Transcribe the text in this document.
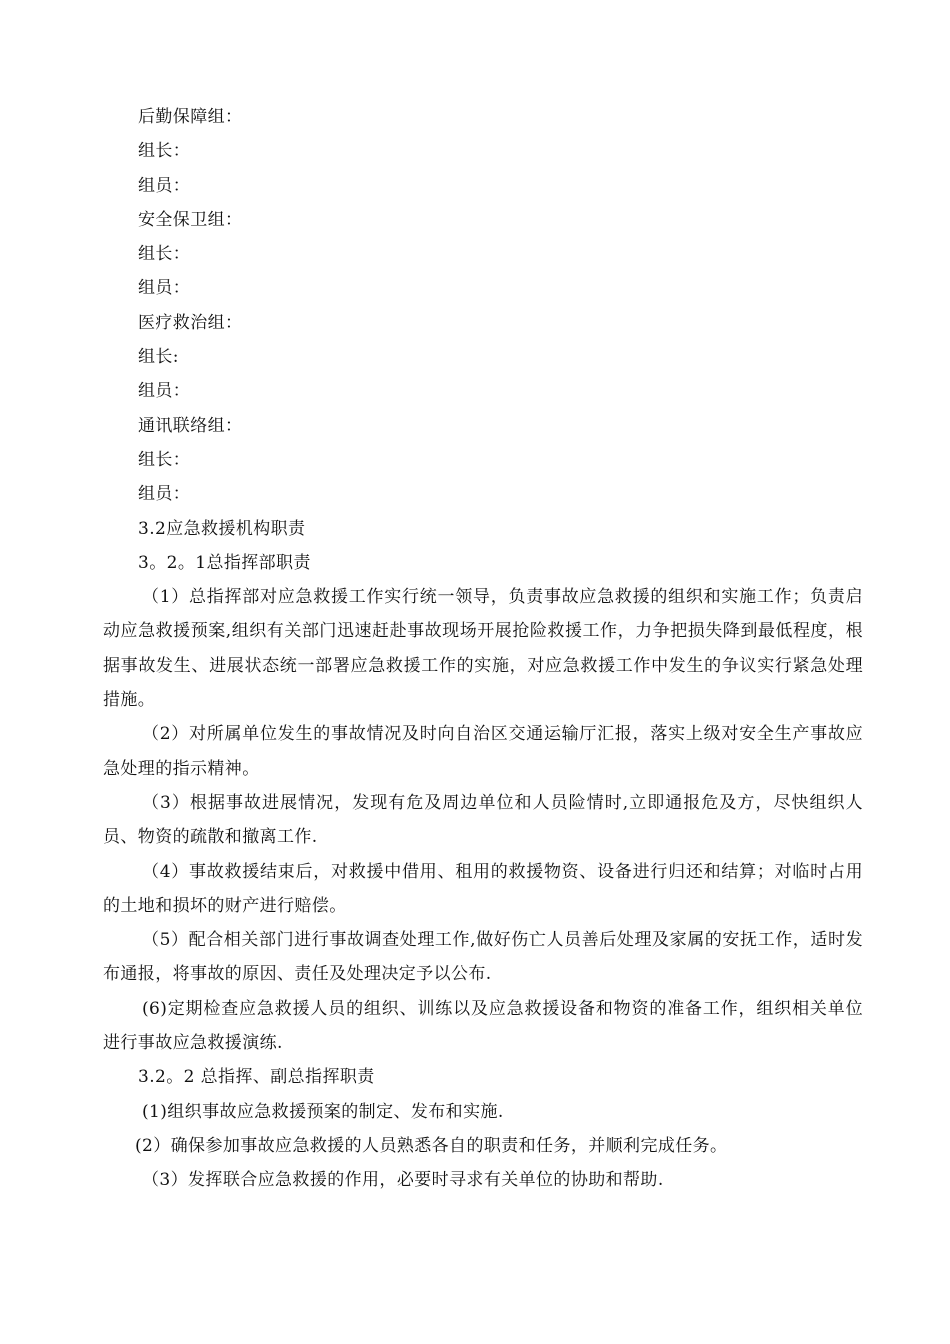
后勤保障组：

组长：

组员：

安全保卫组：

组长：

组员：

医疗救治组：

组长:

组员：

通讯联络组：

组长：

组员：

3.2应急救援机构职责

3。2。1总指挥部职责

（1）总指挥部对应急救援工作实行统一领导，负责事故应急救援的组织和实施工作；负责启动应急救援预案,组织有关部门迅速赶赴事故现场开展抢险救援工作，力争把损失降到最低程度，根据事故发生、进展状态统一部署应急救援工作的实施，对应急救援工作中发生的争议实行紧急处理措施。

（2）对所属单位发生的事故情况及时向自治区交通运输厅汇报，落实上级对安全生产事故应急处理的指示精神。

（3）根据事故进展情况，发现有危及周边单位和人员险情时,立即通报危及方，尽快组织人员、物资的疏散和撤离工作.

（4）事故救援结束后，对救援中借用、租用的救援物资、设备进行归还和结算；对临时占用的土地和损坏的财产进行赔偿。

（5）配合相关部门进行事故调查处理工作,做好伤亡人员善后处理及家属的安抚工作，适时发布通报，将事故的原因、责任及处理决定予以公布.

(6)定期检查应急救援人员的组织、训练以及应急救援设备和物资的准备工作，组织相关单位进行事故应急救援演练.

3.2。2 总指挥、副总指挥职责

(1)组织事故应急救援预案的制定、发布和实施.

(2）确保参加事故应急救援的人员熟悉各自的职责和任务，并顺利完成任务。

（3）发挥联合应急救援的作用，必要时寻求有关单位的协助和帮助.
